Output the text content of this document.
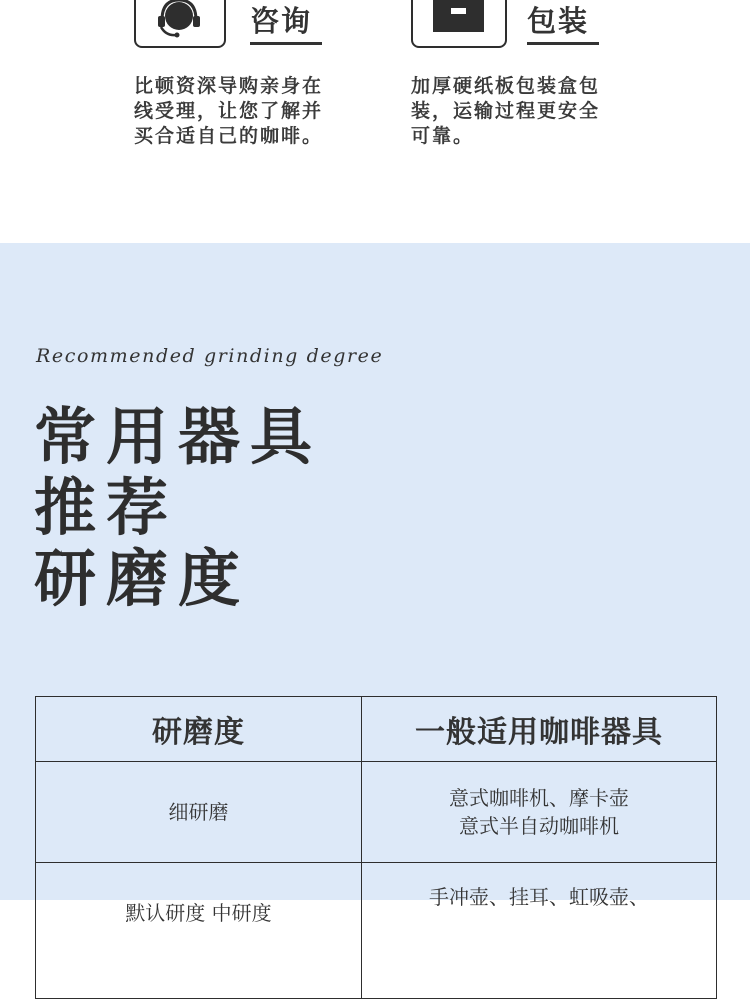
咨询
比顿资深导购亲身在线受理，让您了解并买合适自己的咖啡。
包装
加厚硬纸板包装盒包装，运输过程更安全可靠。
Recommended grinding degree
常用器具
推荐
研磨度
研磨度	一般适用咖啡器具
细研磨	意式咖啡机、摩卡壶
意式半自动咖啡机

默认研度 中研度	手冲壶、挂耳、虹吸壶、
